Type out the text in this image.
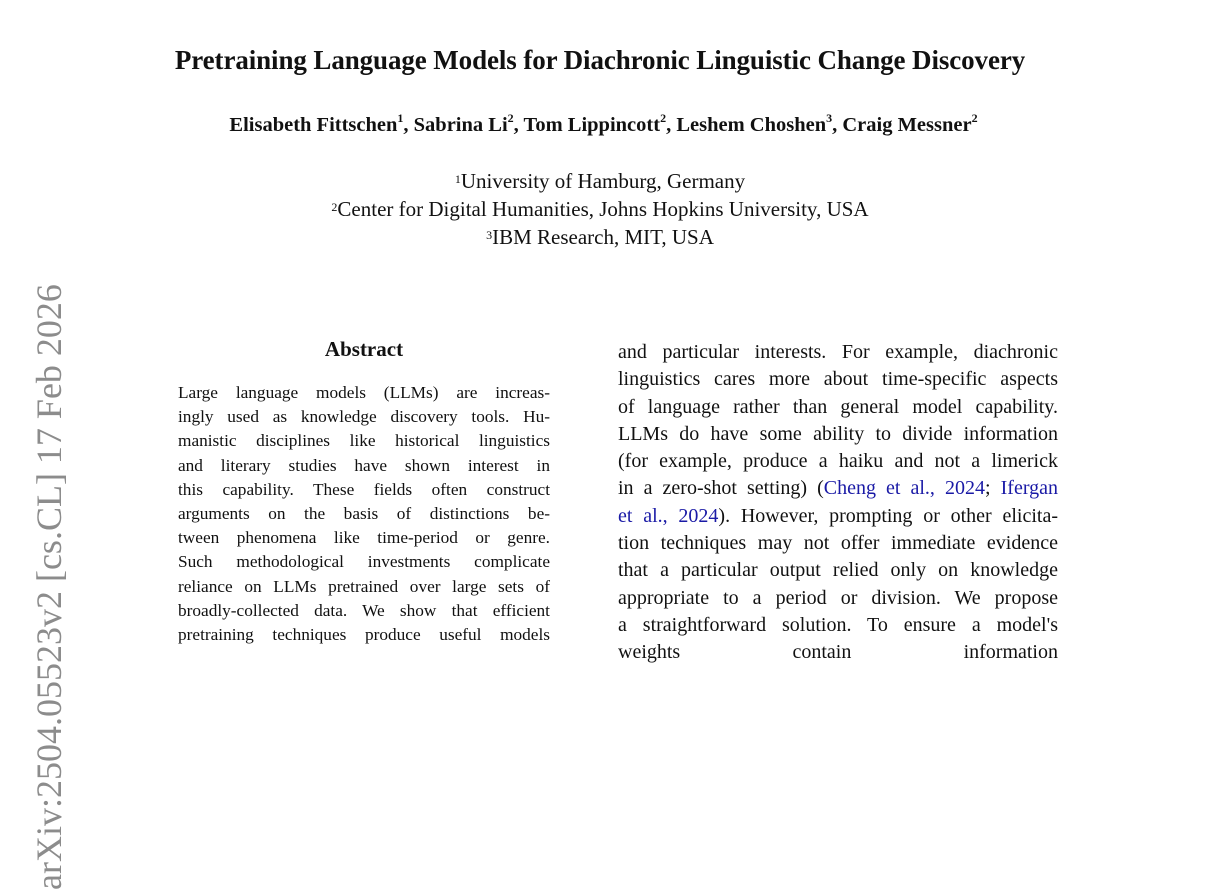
arXiv:2504.05523v2 [cs.CL] 17 Feb 2026
Pretraining Language Models for Diachronic Linguistic Change Discovery
Elisabeth Fittschen$^1$, Sabrina Li$^2$, Tom Lippincott$^2$, Leshem Choshen$^3$, Craig Messner$^2$
$^1$University of Hamburg, Germany
$^2$Center for Digital Humanities, Johns Hopkins University, USA
$^3$IBM Research, MIT, USA
Abstract
Large language models (LLMs) are increas-
ingly used as knowledge discovery tools. Hu-
manistic disciplines like historical linguistics
and literary studies have shown interest in
this capability. These fields often construct
arguments on the basis of distinctions be-
tween phenomena like time-period or genre.
Such methodological investments complicate
reliance on LLMs pretrained over large sets of
broadly-collected data. We show that efficient
pretraining techniques produce useful models
and particular interests. For example, diachronic
linguistics cares more about time-specific aspects
of language rather than general model capability.
LLMs do have some ability to divide information
(for example, produce a haiku and not a limerick
in a zero-shot setting) (Cheng et al., 2024; Ifergan
et al., 2024). However, prompting or other elicita-
tion techniques may not offer immediate evidence
that a particular output relied only on knowledge
appropriate to a period or division. We propose
a straightforward solution. To ensure a model's
weights contain information
